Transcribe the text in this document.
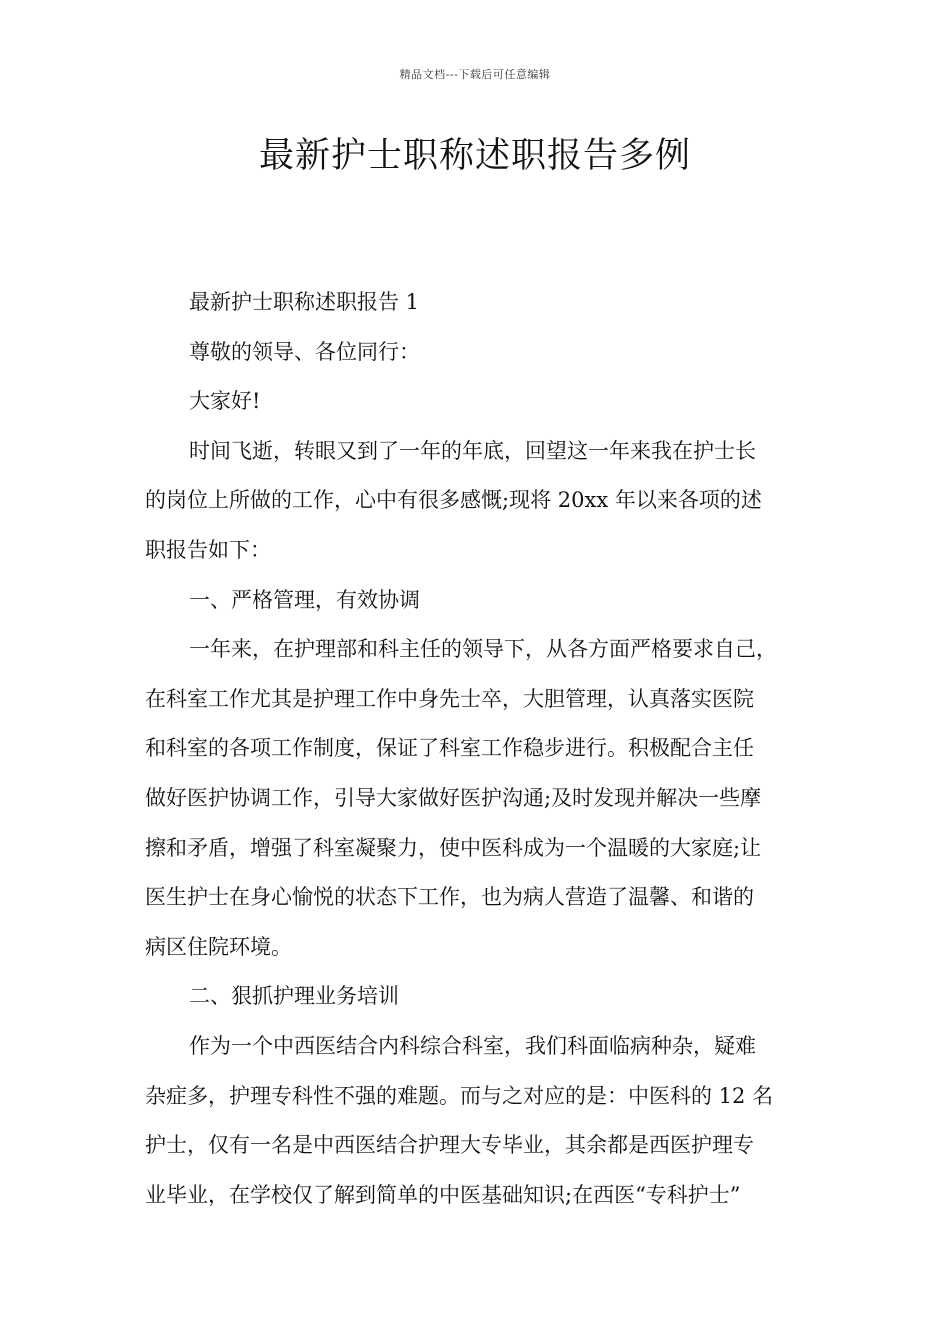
精品文档---下载后可任意编辑
最新护士职称述职报告多例
最新护士职称述职报告 1
尊敬的领导、各位同行：
大家好!
时间飞逝，转眼又到了一年的年底，回望这一年来我在护士长
的岗位上所做的工作，心中有很多感慨;现将 20xx 年以来各项的述
职报告如下：
一、严格管理，有效协调
一年来，在护理部和科主任的领导下，从各方面严格要求自己，
在科室工作尤其是护理工作中身先士卒，大胆管理，认真落实医院
和科室的各项工作制度，保证了科室工作稳步进行。积极配合主任
做好医护协调工作，引导大家做好医护沟通;及时发现并解决一些摩
擦和矛盾，增强了科室凝聚力，使中医科成为一个温暖的大家庭;让
医生护士在身心愉悦的状态下工作，也为病人营造了温馨、和谐的
病区住院环境。
二、狠抓护理业务培训
作为一个中西医结合内科综合科室，我们科面临病种杂，疑难
杂症多，护理专科性不强的难题。而与之对应的是：中医科的 12 名
护士，仅有一名是中西医结合护理大专毕业，其余都是西医护理专
业毕业，在学校仅了解到简单的中医基础知识;在西医“专科护士”
